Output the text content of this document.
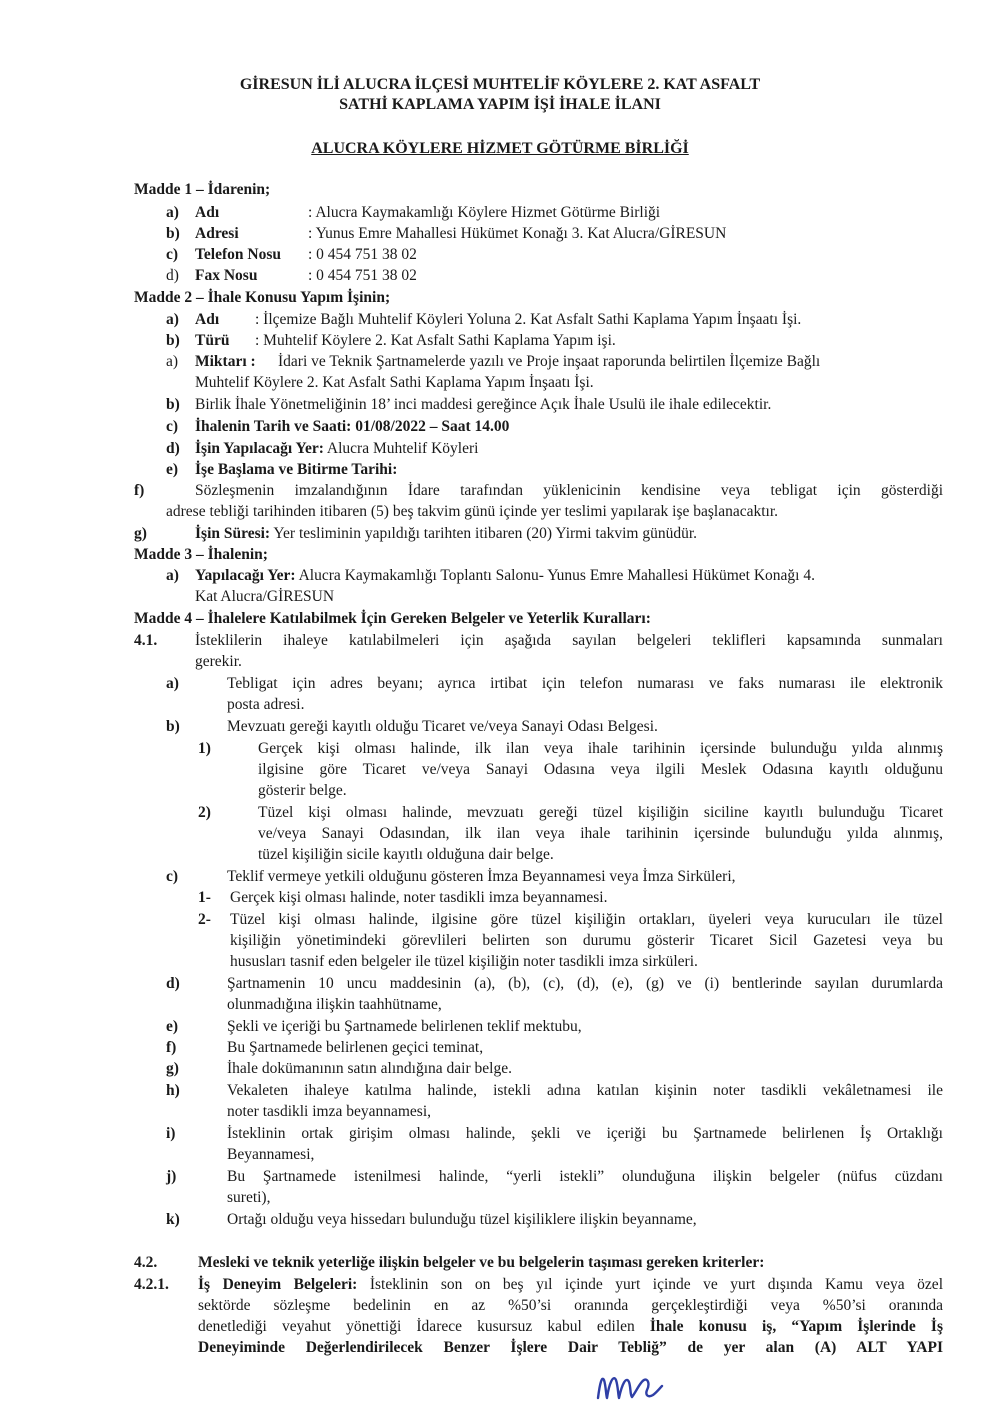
GİRESUN İLİ ALUCRA İLÇESİ MUHTELİF KÖYLERE 2. KAT ASFALT
SATHİ KAPLAMA YAPIM İŞİ İHALE İLANI
ALUCRA KÖYLERE HİZMET GÖTÜRME BİRLİĞİ
Madde 1 – İdarenin;
a) Adı	: Alucra Kaymakamlığı Köylere Hizmet Götürme Birliği
b) Adresi	: Yunus Emre Mahallesi Hükümet Konağı 3. Kat Alucra/GİRESUN
c) Telefon Nosu : 0 454 751 38 02
d) Fax Nosu	: 0 454 751 38 02
Madde 2 – İhale Konusu Yapım İşinin;
a) Adı : İlçemize Bağlı Muhtelif Köyleri Yoluna 2. Kat Asfalt Sathi Kaplama Yapım İnşaatı İşi.
b) Türü : Muhtelif Köylere 2. Kat Asfalt Sathi Kaplama Yapım işi.
a) Miktarı : İdari ve Teknik Şartnamelerde yazılı ve Proje inşaat raporunda belirtilen İlçemize Bağlı
Muhtelif Köylere 2. Kat Asfalt Sathi Kaplama Yapım İnşaatı İşi.
b) Birlik İhale Yönetmeliğinin 18’ inci maddesi gereğince Açık İhale Usulü ile ihale edilecektir.
c) İhalenin Tarih ve Saati: 01/08/2022 – Saat 14.00
d) İşin Yapılacağı Yer: Alucra Muhtelif Köyleri
e) İşe Başlama ve Bitirme Tarihi:
f)	Sözleşmenin imzalandığının İdare tarafından yüklenicinin kendisine veya tebligat için gösterdiği
adrese tebliği tarihinden itibaren (5) beş takvim günü içinde yer teslimi yapılarak işe başlanacaktır.
g)	İşin Süresi: Yer tesliminin yapıldığı tarihten itibaren (20) Yirmi takvim günüdür.
Madde 3 – İhalenin;
a) Yapılacağı Yer: Alucra Kaymakamlığı Toplantı Salonu- Yunus Emre Mahallesi Hükümet Konağı 4.
Kat Alucra/GİRESUN
Madde 4 – İhalelere Katılabilmek İçin Gereken Belgeler ve Yeterlik Kuralları:
4.1. İsteklilerin ihaleye katılabilmeleri için aşağıda sayılan belgeleri teklifleri kapsamında sunmaları
gerekir.
a)	Tebligat için adres beyanı; ayrıca irtibat için telefon numarası ve faks numarası ile elektronik
posta adresi.
b)	Mevzuatı gereği kayıtlı olduğu Ticaret ve/veya Sanayi Odası Belgesi.
1)	Gerçek kişi olması halinde, ilk ilan veya ihale tarihinin içersinde bulunduğu yılda alınmış
ilgisine göre Ticaret ve/veya Sanayi Odasına veya ilgili Meslek Odasına kayıtlı olduğunu
gösterir belge.
2)	Tüzel kişi olması halinde, mevzuatı gereği tüzel kişiliğin siciline kayıtlı bulunduğu Ticaret
ve/veya Sanayi Odasından, ilk ilan veya ihale tarihinin içersinde bulunduğu yılda alınmış,
tüzel kişiliğin sicile kayıtlı olduğuna dair belge.
c)	Teklif vermeye yetkili olduğunu gösteren İmza Beyannamesi veya İmza Sirküleri,
1- Gerçek kişi olması halinde, noter tasdikli imza beyannamesi.
2- Tüzel kişi olması halinde, ilgisine göre tüzel kişiliğin ortakları, üyeleri veya kurucuları ile tüzel
kişiliğin yönetimindeki görevlileri belirten son durumu gösterir Ticaret Sicil Gazetesi veya bu
hususları tasnif eden belgeler ile tüzel kişiliğin noter tasdikli imza sirküleri.
d)	Şartnamenin 10 uncu maddesinin (a), (b), (c), (d), (e), (g) ve (i) bentlerinde sayılan durumlarda
olunmadığına ilişkin taahhütname,
e)	Şekli ve içeriği bu Şartnamede belirlenen teklif mektubu,
f)	Bu Şartnamede belirlenen geçici teminat,
g)	İhale dokümanının satın alındığına dair belge.
h)	Vekaleten ihaleye katılma halinde, istekli adına katılan kişinin noter tasdikli vekâletnamesi ile
noter tasdikli imza beyannamesi,
i)	İsteklinin ortak girişim olması halinde, şekli ve içeriği bu Şartnamede belirlenen İş Ortaklığı
Beyannamesi,
j)	Bu Şartnamede istenilmesi halinde, “yerli istekli” olunduğuna ilişkin belgeler (nüfus cüzdanı
sureti),
k)	Ortağı olduğu veya hissedarı bulunduğu tüzel kişiliklere ilişkin beyanname,
4.2.	Mesleki ve teknik yeterliğe ilişkin belgeler ve bu belgelerin taşıması gereken kriterler:
4.2.1. İş Deneyim Belgeleri: İsteklinin son on beş yıl içinde yurt içinde ve yurt dışında Kamu veya özel
sektörde sözleşme bedelinin en az %50’si oranında gerçekleştirdiği veya %50’si oranında
denetlediği veyahut yönettiği İdarece kusursuz kabul edilen İhale konusu iş, “Yapım İşlerinde İş
Deneyiminde Değerlendirilecek Benzer İşlere Dair Tebliğ” de yer alan (A) ALT YAPI
